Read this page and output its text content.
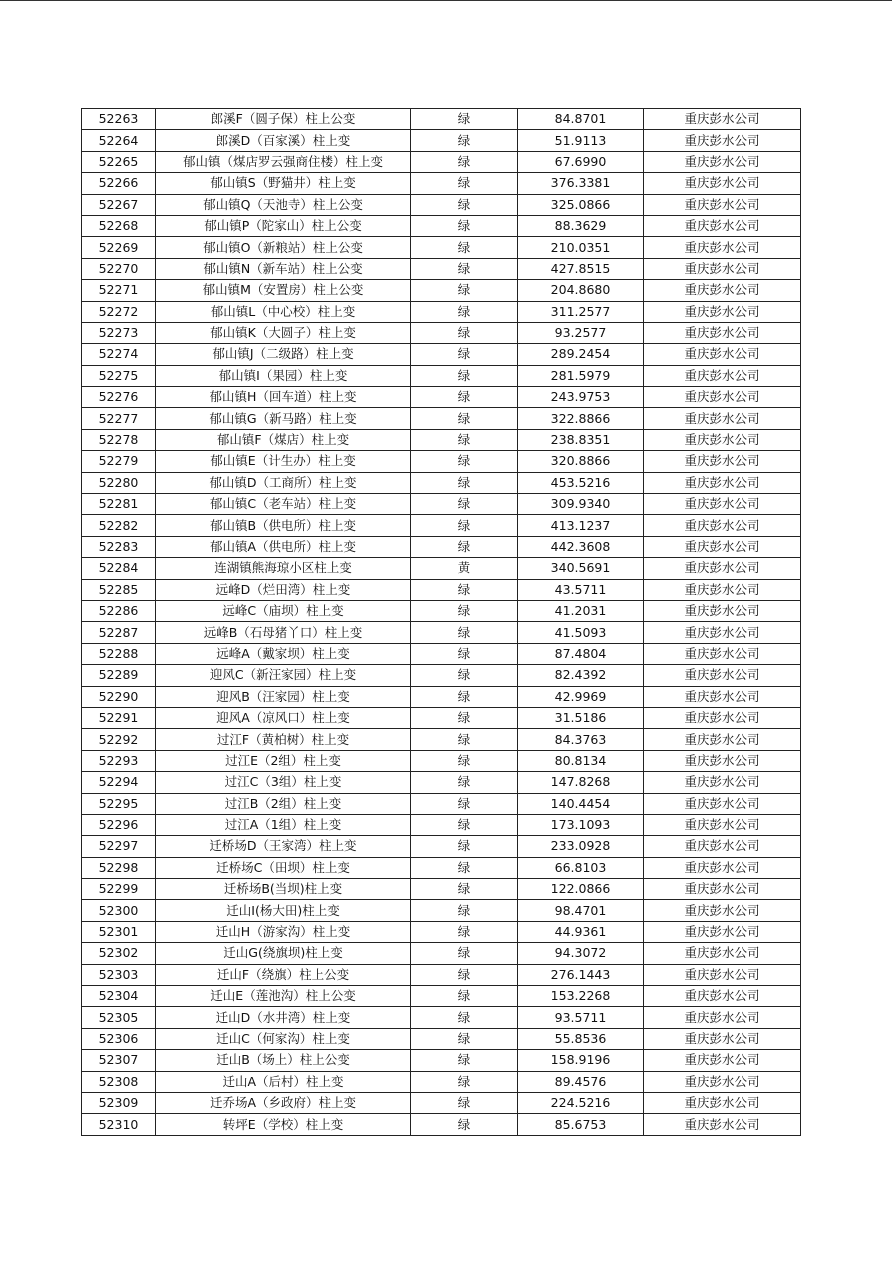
52263	郎溪F（圆子保）柱上公变	绿	84.8701	重庆彭水公司
52264	郎溪D（百家溪）柱上变	绿	51.9113	重庆彭水公司
52265	郁山镇（煤店罗云强商住楼）柱上变	绿	67.6990	重庆彭水公司
52266	郁山镇S（野猫井）柱上变	绿	376.3381	重庆彭水公司
52267	郁山镇Q（天池寺）柱上公变	绿	325.0866	重庆彭水公司
52268	郁山镇P（陀家山）柱上公变	绿	88.3629	重庆彭水公司
52269	郁山镇O（新粮站）柱上公变	绿	210.0351	重庆彭水公司
52270	郁山镇N（新车站）柱上公变	绿	427.8515	重庆彭水公司
52271	郁山镇M（安置房）柱上公变	绿	204.8680	重庆彭水公司
52272	郁山镇L（中心校）柱上变	绿	311.2577	重庆彭水公司
52273	郁山镇K（大圆子）柱上变	绿	93.2577	重庆彭水公司
52274	郁山镇J（二级路）柱上变	绿	289.2454	重庆彭水公司
52275	郁山镇I（果园）柱上变	绿	281.5979	重庆彭水公司
52276	郁山镇H（回车道）柱上变	绿	243.9753	重庆彭水公司
52277	郁山镇G（新马路）柱上变	绿	322.8866	重庆彭水公司
52278	郁山镇F（煤店）柱上变	绿	238.8351	重庆彭水公司
52279	郁山镇E（计生办）柱上变	绿	320.8866	重庆彭水公司
52280	郁山镇D（工商所）柱上变	绿	453.5216	重庆彭水公司
52281	郁山镇C（老车站）柱上变	绿	309.9340	重庆彭水公司
52282	郁山镇B（供电所）柱上变	绿	413.1237	重庆彭水公司
52283	郁山镇A（供电所）柱上变	绿	442.3608	重庆彭水公司
52284	连湖镇熊海琼小区柱上变	黄	340.5691	重庆彭水公司
52285	远峰D（烂田湾）柱上变	绿	43.5711	重庆彭水公司
52286	远峰C（庙坝）柱上变	绿	41.2031	重庆彭水公司
52287	远峰B（石母猪丫口）柱上变	绿	41.5093	重庆彭水公司
52288	远峰A（戴家坝）柱上变	绿	87.4804	重庆彭水公司
52289	迎风C（新汪家园）柱上变	绿	82.4392	重庆彭水公司
52290	迎风B（汪家园）柱上变	绿	42.9969	重庆彭水公司
52291	迎风A（凉风口）柱上变	绿	31.5186	重庆彭水公司
52292	过江F（黄柏树）柱上变	绿	84.3763	重庆彭水公司
52293	过江E（2组）柱上变	绿	80.8134	重庆彭水公司
52294	过江C（3组）柱上变	绿	147.8268	重庆彭水公司
52295	过江B（2组）柱上变	绿	140.4454	重庆彭水公司
52296	过江A（1组）柱上变	绿	173.1093	重庆彭水公司
52297	迁桥场D（王家湾）柱上变	绿	233.0928	重庆彭水公司
52298	迁桥场C（田坝）柱上变	绿	66.8103	重庆彭水公司
52299	迁桥场B(当坝)柱上变	绿	122.0866	重庆彭水公司
52300	迁山I(杨大田)柱上变	绿	98.4701	重庆彭水公司
52301	迁山H（游家沟）柱上变	绿	44.9361	重庆彭水公司
52302	迁山G(绕旗坝)柱上变	绿	94.3072	重庆彭水公司
52303	迁山F（绕旗）柱上公变	绿	276.1443	重庆彭水公司
52304	迁山E（莲池沟）柱上公变	绿	153.2268	重庆彭水公司
52305	迁山D（水井湾）柱上变	绿	93.5711	重庆彭水公司
52306	迁山C（何家沟）柱上变	绿	55.8536	重庆彭水公司
52307	迁山B（场上）柱上公变	绿	158.9196	重庆彭水公司
52308	迁山A（后村）柱上变	绿	89.4576	重庆彭水公司
52309	迁乔场A（乡政府）柱上变	绿	224.5216	重庆彭水公司
52310	转坪E（学校）柱上变	绿	85.6753	重庆彭水公司
